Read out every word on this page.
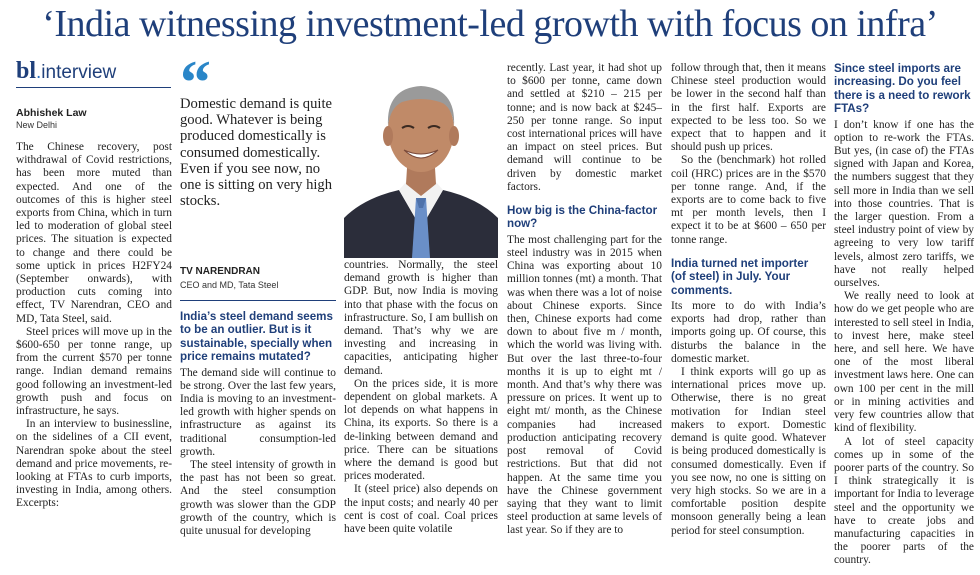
‘India witnessing investment-led growth with focus on infra’
bl.interview
Abhishek Law
New Delhi

The Chinese recovery, post withdrawal of Covid restrictions, has been more muted than expected. And one of the outcomes of this is higher steel exports from China, which in turn led to moderation of global steel prices. The situation is expected to change and there could be some uptick in prices H2FY24 (September onwards), with production cuts coming into effect, TV Narendran, CEO and MD, Tata Steel, said.

Steel prices will move up in the $600-650 per tonne range, up from the current $570 per tonne range. Indian demand remains good following an investment-led growth push and focus on infrastructure, he says.

In an interview to businessline, on the sidelines of a CII event, Narendran spoke about the steel demand and price movements, re-looking at FTAs to curb imports, investing in India, among others. Excerpts:

“
Domestic demand is quite good. Whatever is being produced domestically is consumed domestically. Even if you see now, no one is sitting on very high stocks.
TV NARENDRAN
CEO and MD, Tata Steel
India’s steel demand seems to be an outlier. But is it sustainable, specially when price remains mutated?

The demand side will continue to be strong. Over the last few years, India is moving to an investment-led growth with higher spends on infrastructure as against its traditional consumption-led growth.

The steel intensity of growth in the past has not been so great. And the steel consumption growth was slower than the GDP growth of the country, which is quite unusual for developing

countries. Normally, the steel demand growth is higher than GDP. But, now India is moving into that phase with the focus on infrastructure. So, I am bullish on demand. That’s why we are investing and increasing in capacities, anticipating higher demand.

On the prices side, it is more dependent on global markets. A lot depends on what happens in China, its exports. So there is a de-linking between demand and price. There can be situations where the demand is good but prices moderated.

It (steel price) also depends on the input costs; and nearly 40 per cent is cost of coal. Coal prices have been quite volatile

recently. Last year, it had shot up to $600 per tonne, came down and settled at $210 – 215 per tonne; and is now back at $245–250 per tonne range. So input cost international prices will have an impact on steel prices. But demand will continue to be driven by domestic market factors.

How big is the China-factor now?

The most challenging part for the steel industry was in 2015 when China was exporting about 10 million tonnes (mt) a month. That was when there was a lot of noise about Chinese exports. Since then, Chinese exports had come down to about five m / month, which the world was living with. But over the last three-to-four months it is up to eight mt / month. And that’s why there was pressure on prices. It went up to eight mt/ month, as the Chinese companies had increased production anticipating recovery post removal of Covid restrictions. But that did not happen. At the same time you have the Chinese government saying that they want to limit steel production at same levels of last year. So if they are to

follow through that, then it means Chinese steel production would be lower in the second half than in the first half. Exports are expected to be less too. So we expect that to happen and it should push up prices.

So the (benchmark) hot rolled coil (HRC) prices are in the $570 per tonne range. And, if the exports are to come back to five mt per month levels, then I expect it to be at $600 – 650 per tonne range.

India turned net importer (of steel) in July. Your comments.

Its more to do with India’s exports had drop, rather than imports going up. Of course, this disturbs the balance in the domestic market.

I think exports will go up as international prices move up. Otherwise, there is no great motivation for Indian steel makers to export. Domestic demand is quite good. Whatever is being produced domestically is consumed domestically. Even if you see now, no one is sitting on very high stocks. So we are in a comfortable position despite monsoon generally being a lean period for steel consumption.

Since steel imports are increasing. Do you feel there is a need to rework FTAs?

I don’t know if one has the option to re-work the FTAs. But yes, (in case of) the FTAs signed with Japan and Korea, the numbers suggest that they sell more in India than we sell into those countries. That is the larger question. From a steel industry point of view by agreeing to very low tariff levels, almost zero tariffs, we have not really helped ourselves.

We really need to look at how do we get people who are interested to sell steel in India, to invest here, make steel here, and sell here. We have one of the most liberal investment laws here. One can own 100 per cent in the mill or in mining activities and very few countries allow that kind of flexibility.

A lot of steel capacity comes up in some of the poorer parts of the country. So I think strategically it is important for India to leverage steel and the opportunity we have to create jobs and manufacturing capacities in the poorer parts of the country.
